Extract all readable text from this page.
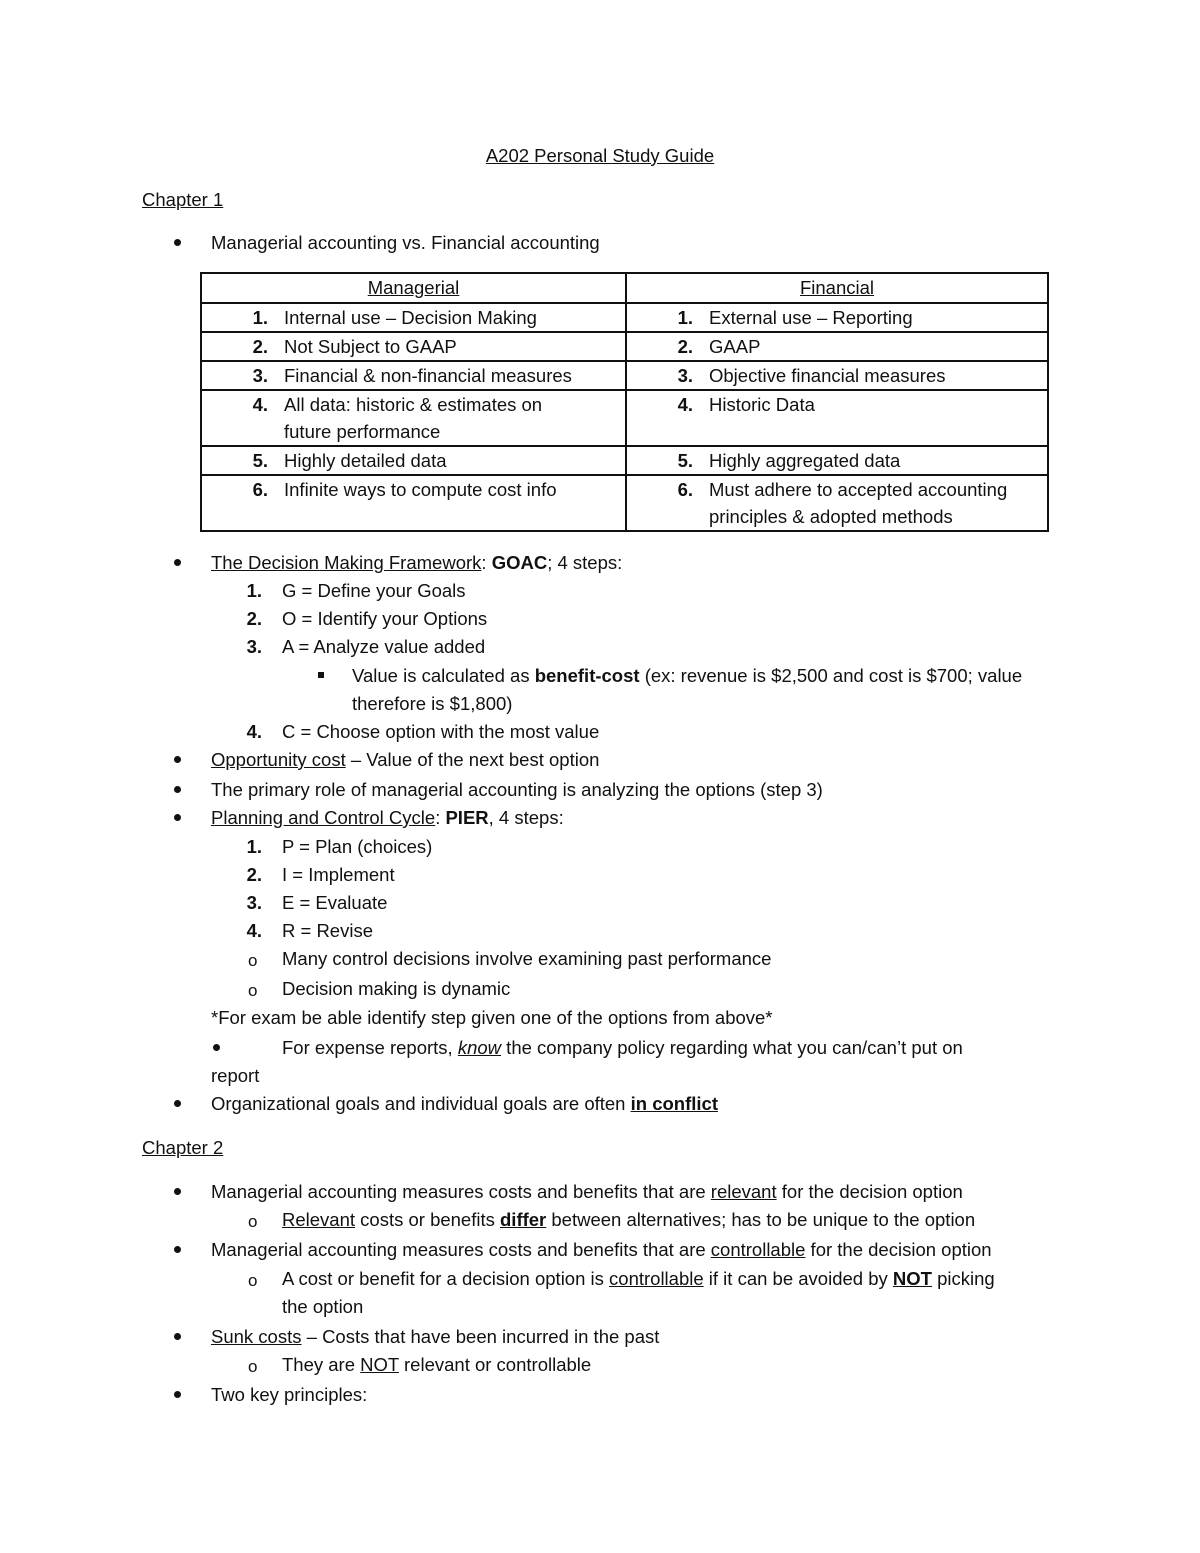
A202 Personal Study Guide
Chapter 1
Managerial accounting vs. Financial accounting
Managerial	Financial

1. Internal use – Decision Making	1. External use – Reporting

2. Not Subject to GAAP	2. GAAP

3. Financial & non-financial measures	3. Objective financial measures

4. All data: historic & estimates on future performance	4. Historic Data

5. Highly detailed data	5. Highly aggregated data

6. Infinite ways to compute cost info	6. Must adhere to accepted accounting principles & adopted methods
The Decision Making Framework: GOAC; 4 steps:
1. G = Define your Goals
2. O = Identify your Options
3. A = Analyze value added
Value is calculated as benefit-cost (ex: revenue is $2,500 and cost is $700; value
therefore is $1,800)
4. C = Choose option with the most value
Opportunity cost – Value of the next best option
The primary role of managerial accounting is analyzing the options (step 3)
Planning and Control Cycle: PIER, 4 steps:
1. P = Plan (choices)
2. I = Implement
3. E = Evaluate
4. R = Revise
o Many control decisions involve examining past performance
o Decision making is dynamic
*For exam be able identify step given one of the options from above*
For expense reports, know the company policy regarding what you can/can’t put on
report
Organizational goals and individual goals are often in conflict
Chapter 2
Managerial accounting measures costs and benefits that are relevant for the decision option
o Relevant costs or benefits differ between alternatives; has to be unique to the option
Managerial accounting measures costs and benefits that are controllable for the decision option
o A cost or benefit for a decision option is controllable if it can be avoided by NOT picking
the option
Sunk costs – Costs that have been incurred in the past
o They are NOT relevant or controllable
Two key principles:
